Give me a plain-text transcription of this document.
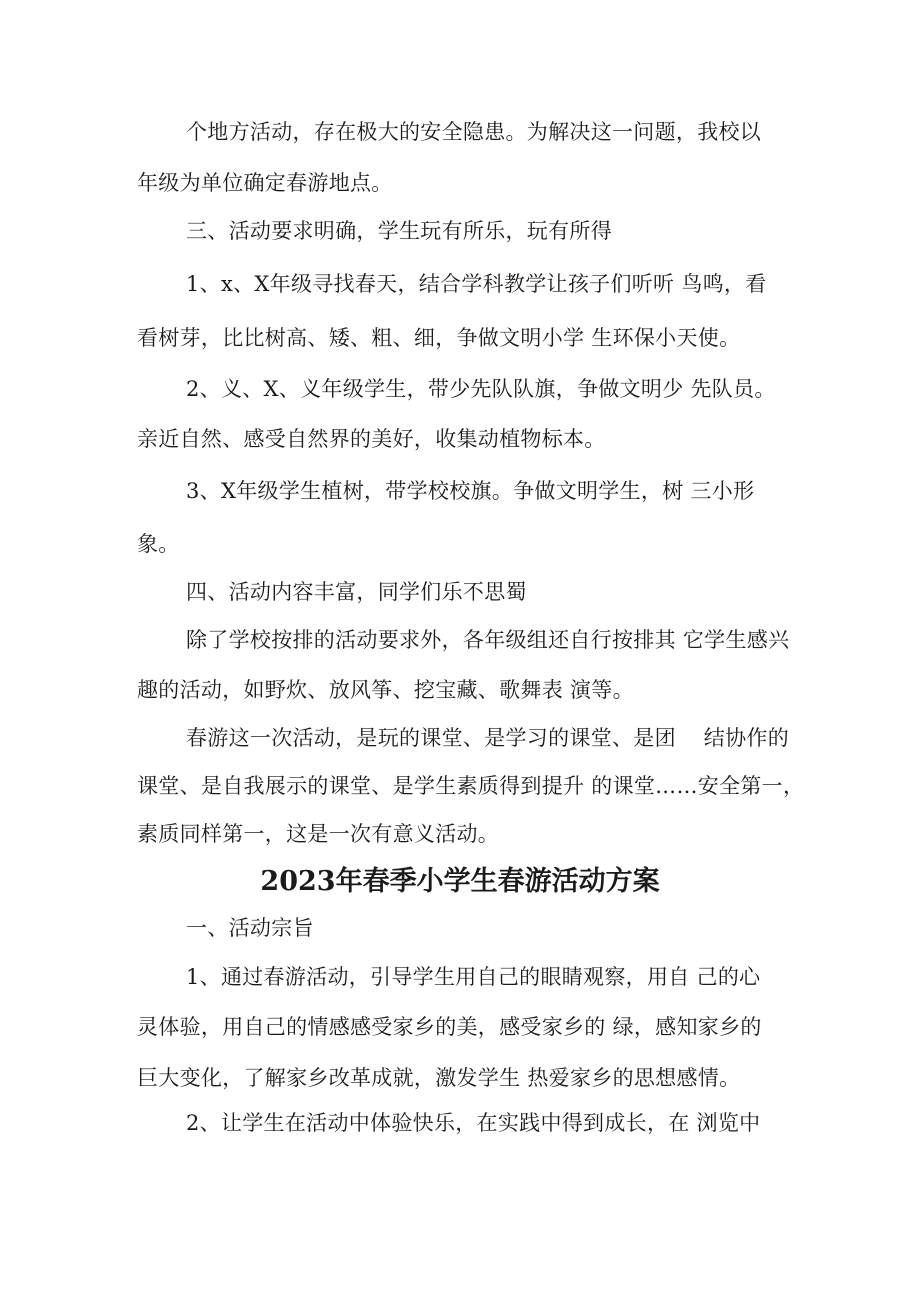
个地方活动，存在极大的安全隐患。为解决这一问题，我校以
年级为单位确定春游地点。
三、活动要求明确，学生玩有所乐，玩有所得
1、x、X年级寻找春天，结合学科教学让孩子们听听 鸟鸣，看
看树芽，比比树高、矮、粗、细，争做文明小学 生环保小天使。
2、义、X、义年级学生，带少先队队旗，争做文明少 先队员。
亲近自然、感受自然界的美好，收集动植物标本。
3、X年级学生植树，带学校校旗。争做文明学生，树 三小形
象。
四、活动内容丰富，同学们乐不思蜀
除了学校按排的活动要求外，各年级组还自行按排其 它学生感兴
趣的活动，如野炊、放风筝、挖宝藏、歌舞表 演等。
春游这一次活动，是玩的课堂、是学习的课堂、是团    结协作的
课堂、是自我展示的课堂、是学生素质得到提升 的课堂……安全第一，
素质同样第一，这是一次有意义活动。
2023年春季小学生春游活动方案
一、活动宗旨
1、通过春游活动，引导学生用自己的眼睛观察，用自 己的心
灵体验，用自己的情感感受家乡的美，感受家乡的 绿，感知家乡的
巨大变化，了解家乡改革成就，激发学生 热爱家乡的思想感情。
2、让学生在活动中体验快乐，在实践中得到成长，在 浏览中
